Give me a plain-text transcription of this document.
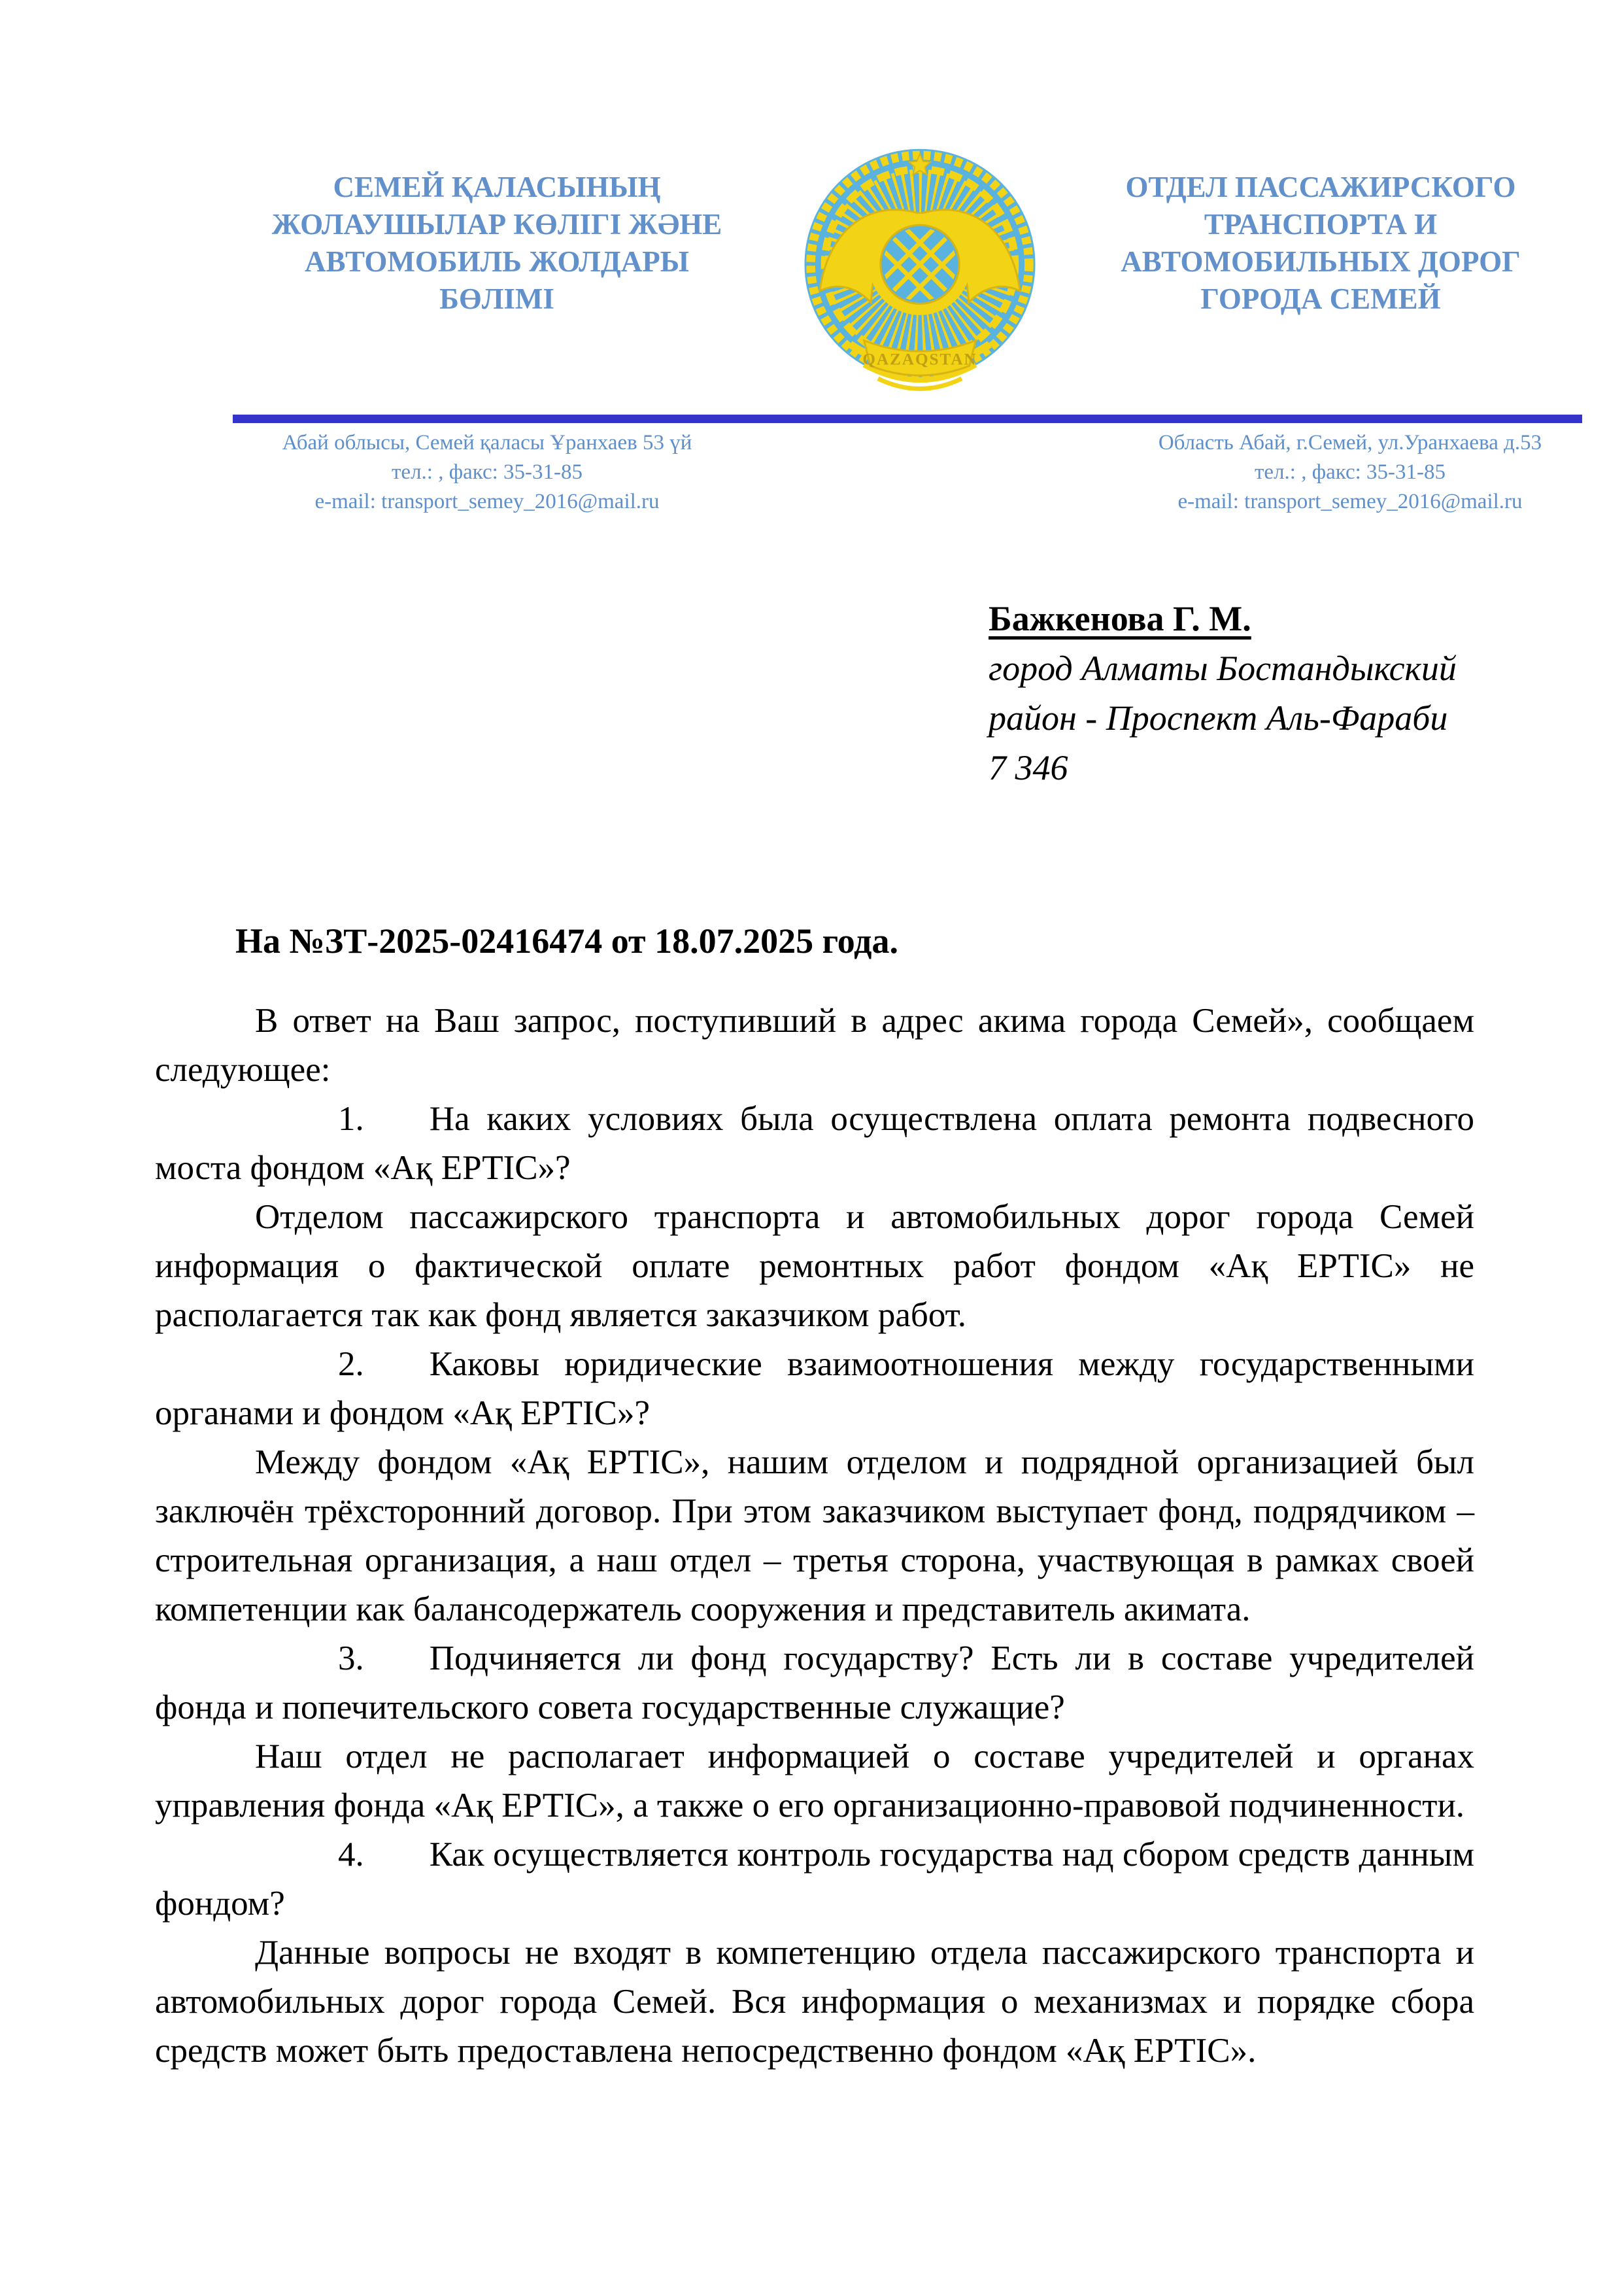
СЕМЕЙ ҚАЛАСЫНЫҢ
ЖОЛАУШЫЛАР КӨЛІГІ ЖӘНЕ
АВТОМОБИЛЬ ЖОЛДАРЫ
БӨЛІМІ
QAZAQSTAN
ОТДЕЛ ПАССАЖИРСКОГО
ТРАНСПОРТА И
АВТОМОБИЛЬНЫХ ДОРОГ
ГОРОДА СЕМЕЙ
Абай облысы, Семей қаласы Ұранхаев 53 үй
тел.: , факс: 35-31-85
e-mail: transport_semey_2016@mail.ru
Область Абай, г.Семей, ул.Уранхаева д.53
тел.: , факс: 35-31-85
e-mail: transport_semey_2016@mail.ru
Бажкенова Г. М.
город Алматы Бостандыкский
район - Проспект Аль-Фараби
7 346
На №ЗТ-2025-02416474 от 18.07.2025 года.

В ответ на Ваш запрос, поступивший в адрес акима города Семей», сообщаем следующее:

1. На каких условиях была осуществлена оплата ремонта подвесного моста фондом «Ақ ЕРТІС»?

Отделом пассажирского транспорта и автомобильных дорог города Семей информация о фактической оплате ремонтных работ фондом «Ақ ЕРТІС» не располагается так как фонд является заказчиком работ.

2. Каковы юридические взаимоотношения между государственными органами и фондом «Ақ ЕРТІС»?

Между фондом «Ақ ЕРТІС», нашим отделом и подрядной организацией был заключён трёхсторонний договор. При этом заказчиком выступает фонд, подрядчиком – строительная организация, а наш отдел – третья сторона, участвующая в рамках своей компетенции как балансодержатель сооружения и представитель акимата.

3. Подчиняется ли фонд государству? Есть ли в составе учредителей фонда и попечительского совета государственные служащие?

Наш отдел не располагает информацией о составе учредителей и органах управления фонда «Ақ ЕРТІС», а также о его организационно-правовой подчиненности.

4. Как осуществляется контроль государства над сбором средств данным фондом?

Данные вопросы не входят в компетенцию отдела пассажирского транспорта и автомобильных дорог города Семей. Вся информация о механизмах и порядке сбора средств может быть предоставлена непосредственно фондом «Ақ ЕРТІС».
